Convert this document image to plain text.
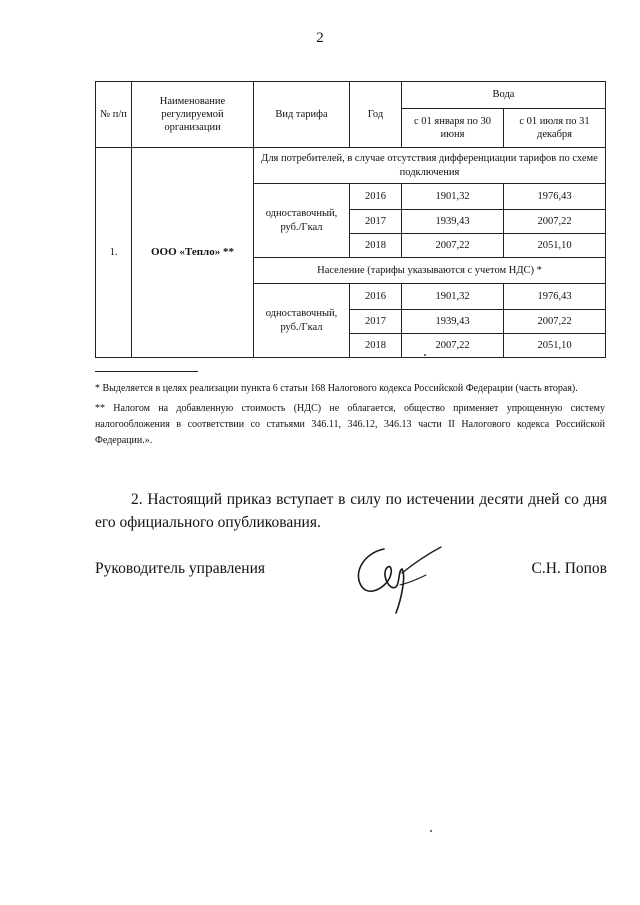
2
№ п/п	Наименование регулируемой организации	Вид тарифа	Год	Вода	
				с 01 января по 30 июня	с 01 июля по 31 декабря
1.	ООО «Тепло» **	Для потребителей, в случае отсутствия дифференциации тарифов по схеме подключения			
		одноставочный, руб./Гкал	2016	1901,32	1976,43
			2017	1939,43	2007,22
			2018	2007,22	2051,10
		Население (тарифы указываются с учетом НДС) *			
		одноставочный, руб./Гкал	2016	1901,32	1976,43
			2017	1939,43	2007,22
			2018	2007,22	2051,10

* Выделяется в целях реализации пункта 6 статьи 168 Налогового кодекса Российской Федерации (часть вторая).

** Налогом на добавленную стоимость (НДС) не облагается, общество применяет упрощенную систему налогообложения в соответствии со статьями 346.11, 346.12, 346.13 части II Налогового кодекса Российской Федерации.».

2. Настоящий приказ вступает в силу по истечении десяти дней со дня его официального опубликования.

Руководитель управления	С.Н. Попов
